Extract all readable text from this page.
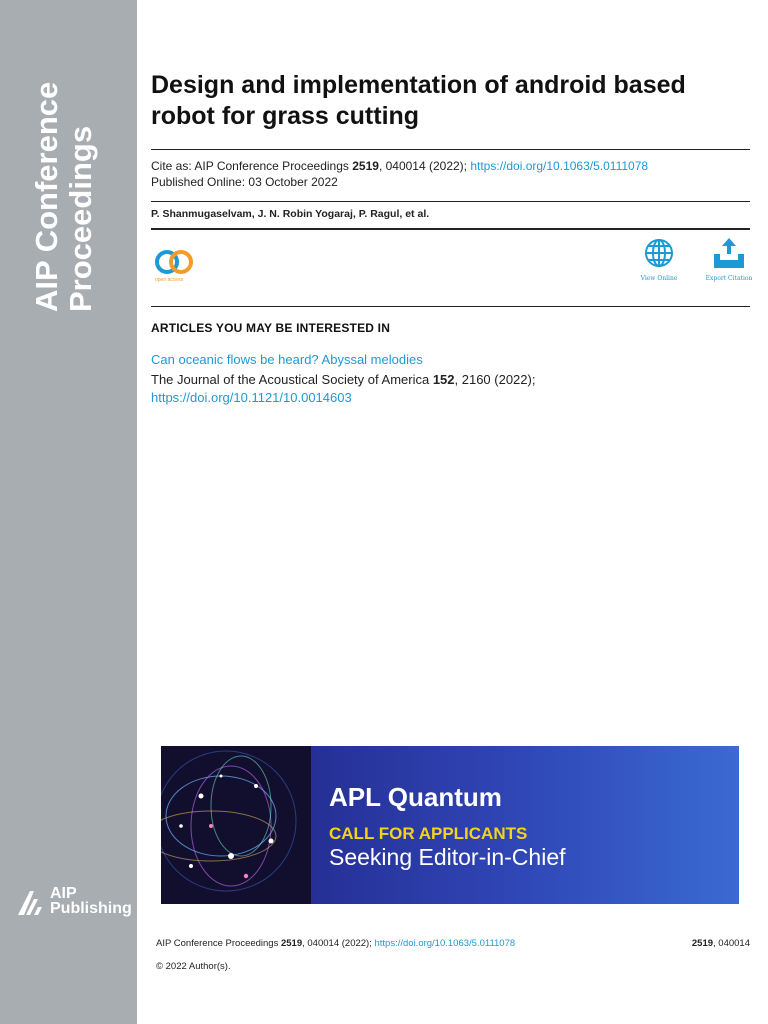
AIP Conference Proceedings
AIP
Publishing
Design and implementation of android based robot for grass cutting
Cite as: AIP Conference Proceedings 2519, 040014 (2022); https://doi.org/10.1063/5.0111078
Published Online: 03 October 2022
P. Shanmugaselvam, J. N. Robin Yogaraj, P. Ragul, et al.
open access	View Online	Export Citation
ARTICLES YOU MAY BE INTERESTED IN
Can oceanic flows be heard? Abyssal melodies
The Journal of the Acoustical Society of America 152, 2160 (2022); https://doi.org/10.1121/10.0014603
APL Quantum
CALL FOR APPLICANTS
Seeking Editor-in-Chief
AIP Conference Proceedings 2519, 040014 (2022); https://doi.org/10.1063/5.0111078	2519, 040014
© 2022 Author(s).
